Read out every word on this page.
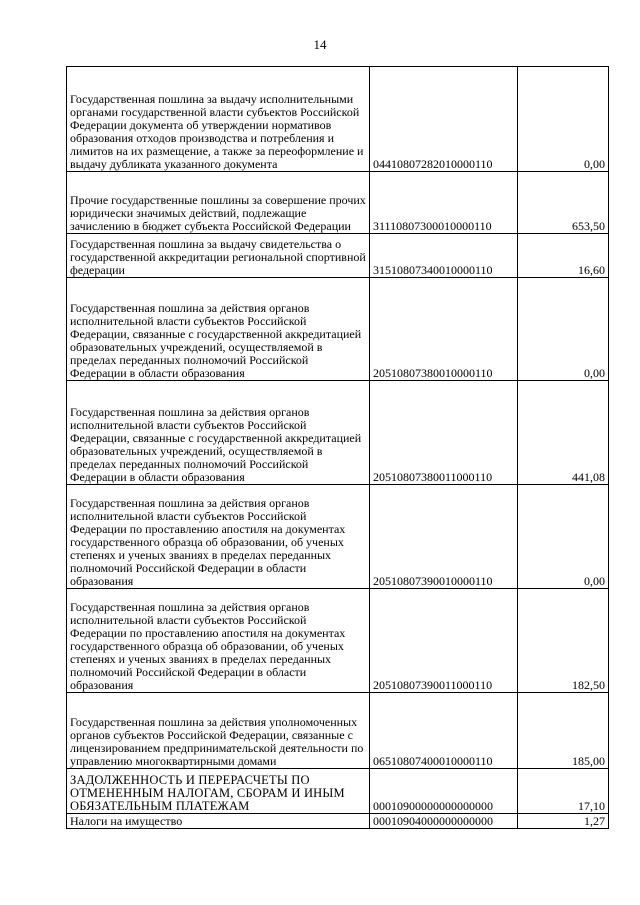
14
Государственная пошлина за выдачу исполнительными органами государственной власти субъектов Российской Федерации документа об утверждении нормативов образования отходов производства и потребления и лимитов на их размещение, а также за переоформление и выдачу дубликата указанного документа	04410807282010000110	0,00
Прочие государственные пошлины за совершение прочих юридически значимых действий, подлежащие зачислению в бюджет субъекта Российской Федерации	31110807300010000110	653,50
Государственная пошлина за выдачу свидетельства о государственной аккредитации региональной спортивной федерации	31510807340010000110	16,60
Государственная пошлина за действия органов исполнительной власти субъектов Российской Федерации, связанные с государственной аккредитацией образовательных учреждений, осуществляемой в пределах переданных полномочий Российской Федерации в области образования	20510807380010000110	0,00
Государственная пошлина за действия органов исполнительной власти субъектов Российской Федерации, связанные с государственной аккредитацией образовательных учреждений, осуществляемой в пределах переданных полномочий Российской Федерации в области образования	20510807380011000110	441,08
Государственная пошлина за действия органов исполнительной власти субъектов Российской Федерации по проставлению апостиля на документах государственного образца об образовании, об ученых степенях и ученых званиях в пределах переданных полномочий Российской Федерации в области образования	20510807390010000110	0,00
Государственная пошлина за действия органов исполнительной власти субъектов Российской Федерации по проставлению апостиля на документах государственного образца об образовании, об ученых степенях и ученых званиях в пределах переданных полномочий Российской Федерации в области образования	20510807390011000110	182,50
Государственная пошлина за действия уполномоченных органов субъектов Российской Федерации, связанные с лицензированием предпринимательской деятельности по управлению многоквартирными домами	06510807400010000110	185,00
ЗАДОЛЖЕННОСТЬ И ПЕРЕРАСЧЕТЫ ПО ОТМЕНЕННЫМ НАЛОГАМ, СБОРАМ И ИНЫМ ОБЯЗАТЕЛЬНЫМ ПЛАТЕЖАМ	00010900000000000000	17,10
Налоги на имущество	00010904000000000000	1,27
